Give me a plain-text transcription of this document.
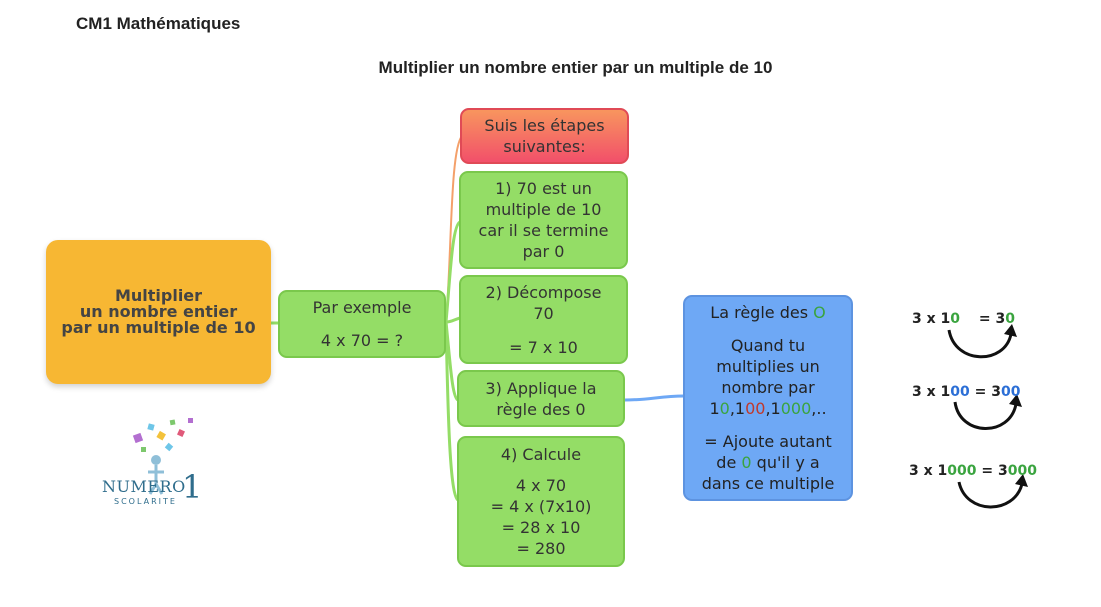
CM1 Mathématiques
Multiplier un nombre entier par un multiple de 10
Multiplier
un nombre entier
par un multiple de 10
Par exemple
4 x 70 = ?
Suis les étapes
suivantes:
1) 70 est un
multiple de 10
car il se termine
par 0
2) Décompose
70
= 7 x 10
3) Applique la
règle des 0
4) Calcule
4 x 70
= 4 x (7x10)
= 28 x 10
= 280
La règle des O
Quand tu
multiplies un
nombre par
10,100,1000,..
= Ajoute autant
de 0 qu'il y a
dans ce multiple
3 x 10 = 30
3 x 100 = 300
3 x 1000 = 3000
NUMERO
1
SCOLARITE
